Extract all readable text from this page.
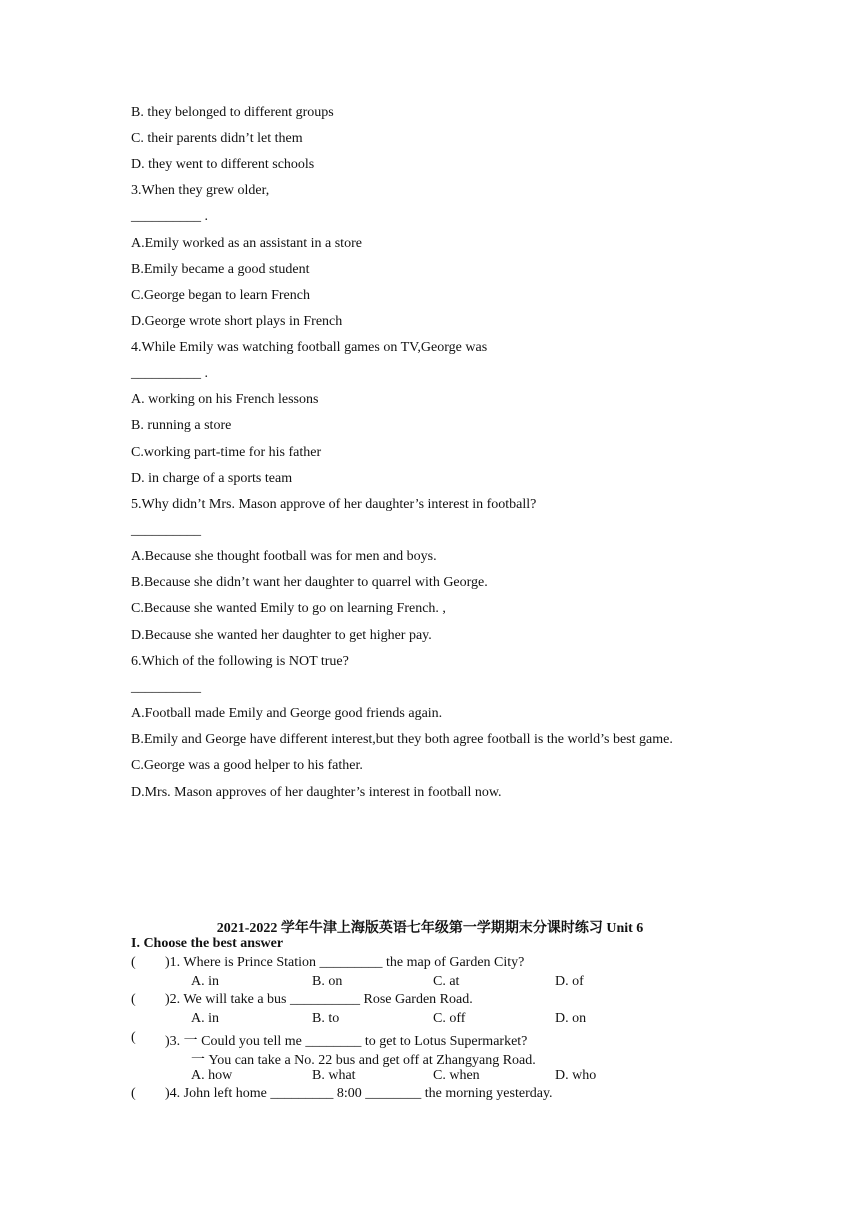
B. they belonged to different groups
C. their parents didn’t let them
D. they went to different schools
3.When they grew older,
__________ .
A.Emily worked as an assistant in a store
B.Emily became a good student
C.George began to learn French
D.George wrote short plays in French
4.While Emily was watching football games on TV,George was
__________ .
A. working on his French lessons
B. running a store
C.working part-time for his father
D. in charge of a sports team
5.Why didn’t Mrs. Mason approve of her daughter’s interest in football?
__________
A.Because she thought football was for men and boys.
B.Because she didn’t want her daughter to quarrel with George.
C.Because she wanted Emily to go on learning French. ,
D.Because she wanted her daughter to get higher pay.
6.Which of the following is NOT true?
__________
A.Football made Emily and George good friends again.
B.Emily and George have different interest,but they both agree football is the world’s best game.
C.George was a good helper to his father.
D.Mrs. Mason approves of her daughter’s interest in football now.
2021-2022 学年牛津上海版英语七年级第一学期期末分课时练习 Unit 6
I. Choose the best answer
( )1. Where is Prince Station _________ the map of Garden City?
A. in	B. on	C. at	D. of
( )2. We will take a bus __________ Rose Garden Road.
A. in	B. to	C. off	D. on
( )3. 一 Could you tell me ________ to get to Lotus Supermarket?
一 You can take a No. 22 bus and get off at Zhangyang Road.
A. how	B. what	C. when	D. who
( )4. John left home _________ 8:00 ________ the morning yesterday.
